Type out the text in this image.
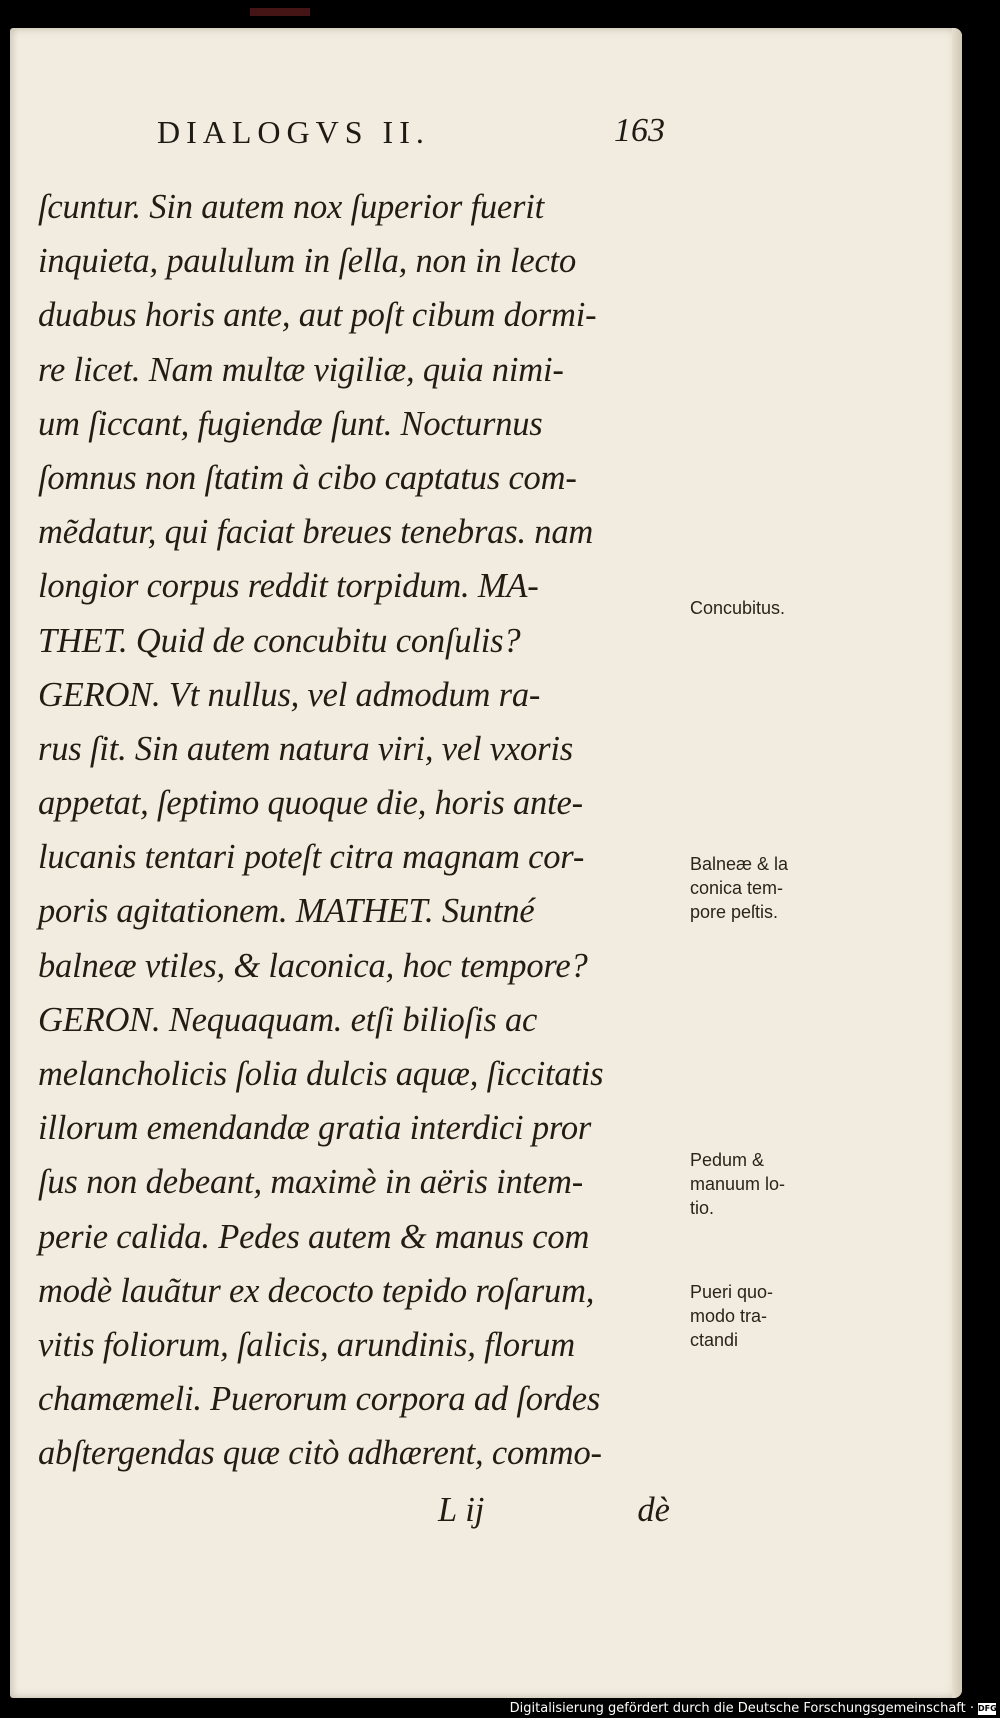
DIALOGVS II.	163
ſcuntur. Sin autem nox ſuperior fuerit
inquieta, paululum in ſella, non in lecto
duabus horis ante, aut poſt cibum dormi-
re licet. Nam multæ vigiliæ, quia nimi-
um ſiccant, fugiendæ ſunt. Nocturnus
ſomnus non ſtatim à cibo captatus com-
mẽdatur, qui faciat breues tenebras. nam
longior corpus reddit torpidum. MA-
THET. Quid de concubitu conſulis?
GERON. Vt nullus, vel admodum ra-
rus ſit. Sin autem natura viri, vel vxoris
appetat, ſeptimo quoque die, horis ante-
lucanis tentari poteſt citra magnam cor-
poris agitationem. MATHET. Suntné
balneæ vtiles, & laconica, hoc tempore?
GERON. Nequaquam. etſi bilioſis ac
melancholicis ſolia dulcis aquæ, ſiccitatis
illorum emendandæ gratia interdici pror
ſus non debeant, maximè in aëris intem-
perie calida. Pedes autem & manus com
modè lauãtur ex decocto tepido roſarum,
vitis foliorum, ſalicis, arundinis, florum
chamæmeli. Puerorum corpora ad ſordes
abſtergendas quæ citò adhærent, commo-
L ij	dè
Concubitus.
Balneæ & la
conica tem-
pore peſtis.
Pedum &
manuum lo-
tio.
Pueri quo-
modo tra-
ctandi
Digitalisierung gefördert durch die Deutsche Forschungsgemeinschaft · DFG
